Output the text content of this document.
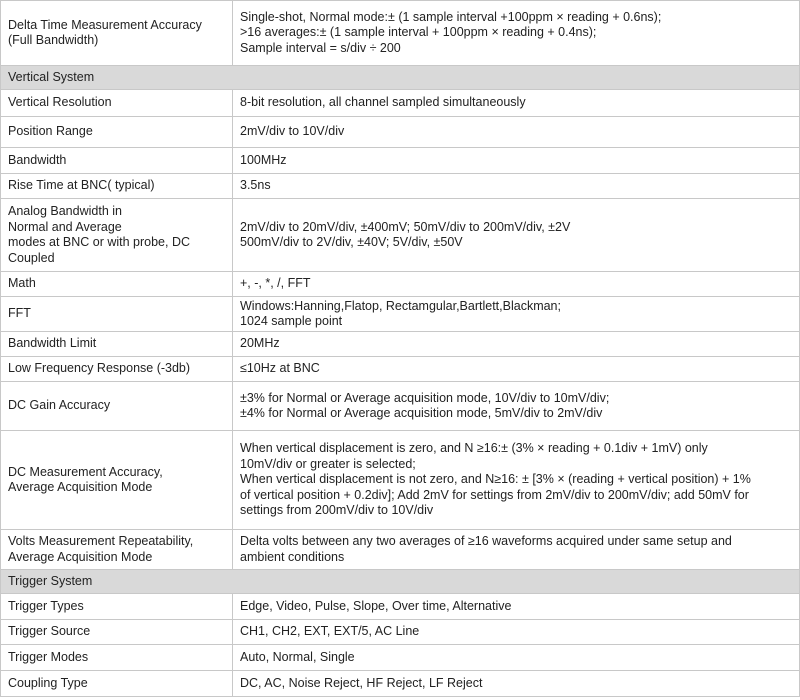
Delta Time Measurement Accuracy
(Full Bandwidth)	Single-shot, Normal mode:± (1 sample interval +100ppm × reading + 0.6ns);
>16 averages:± (1 sample interval + 100ppm × reading + 0.4ns);
Sample interval = s/div ÷ 200
Vertical System	
Vertical Resolution	8-bit resolution, all channel sampled simultaneously
Position Range	2mV/div to 10V/div
Bandwidth	100MHz
Rise Time at BNC( typical)	3.5ns
Analog Bandwidth in
Normal and Average
modes at BNC or with probe, DC
Coupled	2mV/div to 20mV/div, ±400mV; 50mV/div to 200mV/div, ±2V
500mV/div to 2V/div, ±40V; 5V/div, ±50V
Math	+, -, *, /, FFT
FFT	Windows:Hanning,Flatop, Rectamgular,Bartlett,Blackman;
1024 sample point
Bandwidth Limit	20MHz
Low Frequency Response (-3db)	≤10Hz at BNC
DC Gain Accuracy	±3% for Normal or Average acquisition mode, 10V/div to 10mV/div;
±4% for Normal or Average acquisition mode, 5mV/div to 2mV/div
DC Measurement Accuracy,
Average Acquisition Mode	When vertical displacement is zero, and N ≥16:± (3% × reading + 0.1div + 1mV) only
10mV/div or greater is selected;
When vertical displacement is not zero, and N≥16: ± [3% × (reading + vertical position) + 1%
of vertical position + 0.2div]; Add 2mV for settings from 2mV/div to 200mV/div; add 50mV for
settings from 200mV/div to 10V/div
Volts Measurement Repeatability,
Average Acquisition Mode	Delta volts between any two averages of ≥16 waveforms acquired under same setup and
ambient conditions
Trigger System	
Trigger Types	Edge, Video, Pulse, Slope, Over time, Alternative
Trigger Source	CH1, CH2, EXT, EXT/5, AC Line
Trigger Modes	Auto, Normal, Single
Coupling Type	DC, AC, Noise Reject, HF Reject, LF Reject
